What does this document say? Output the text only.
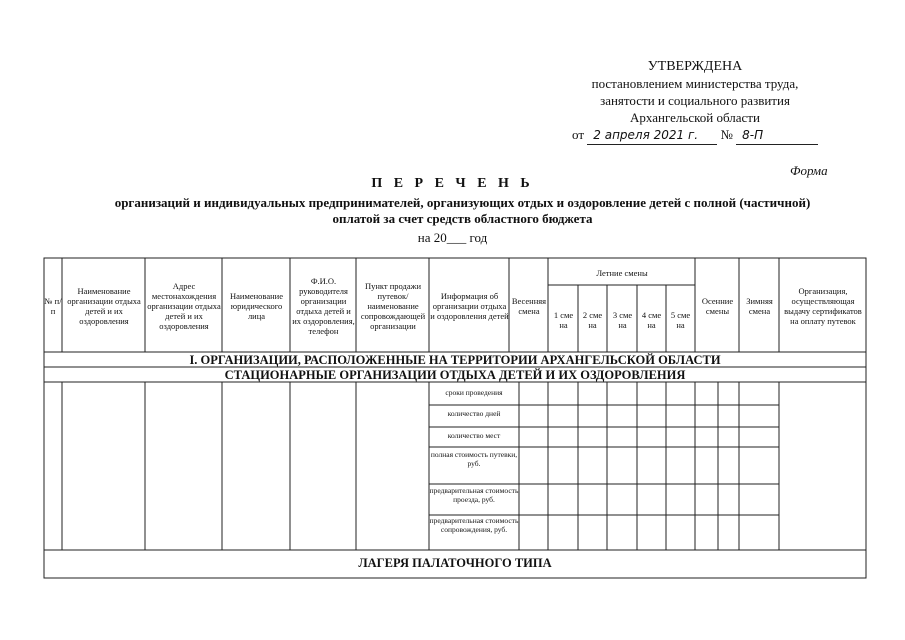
УТВЕРЖДЕНА
постановлением министерства труда,
занятости и социального развития
Архангельской области
от 2 апреля 2021 г. № 8-П
Форма
П Е Р Е Ч Е Н Ь
организаций и индивидуальных предпринимателей, организующих отдых и оздоровление детей с полной (частичной)
оплатой за счет средств областного бюджета
на 20___ год
№ п/ п
Наименование организации отдыха детей и их оздоровления
Адрес местонахождения организации отдыха детей и их оздоровления
Наименование юридического лица
Ф.И.О. руководителя организации отдыха детей и их оздоровления, телефон
Пункт продажи путевок/ наименование сопровождающей организации
Информация об организации отдыха и оздоровления детей
Весенняя смена
Летние смены
1 сме на
2 сме на
3 сме на
4 сме на
5 сме на
Осенние смены
Зимняя смена
Организация, осуществляющая выдачу сертификатов на оплату путевок
I. ОРГАНИЗАЦИИ, РАСПОЛОЖЕННЫЕ НА ТЕРРИТОРИИ АРХАНГЕЛЬСКОЙ ОБЛАСТИ
СТАЦИОНАРНЫЕ ОРГАНИЗАЦИИ ОТДЫХА ДЕТЕЙ И ИХ ОЗДОРОВЛЕНИЯ
сроки проведения
количество дней
количество мест
полная стоимость путевки, руб.
предварительная стоимость проезда, руб.
предварительная стоимость сопровождения, руб.
ЛАГЕРЯ ПАЛАТОЧНОГО ТИПА
